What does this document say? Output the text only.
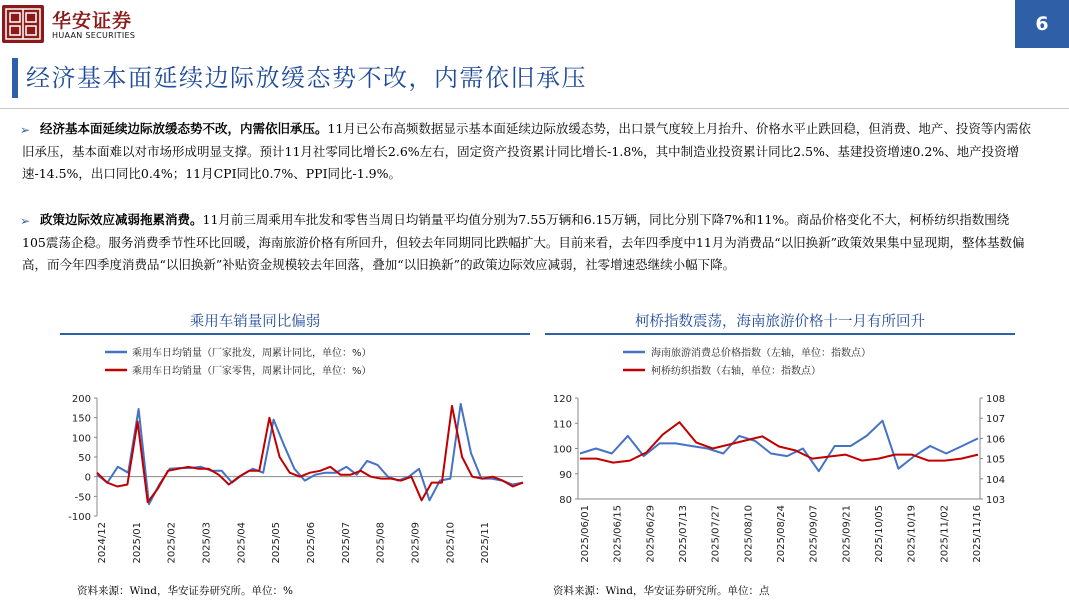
华安证券
HUAAN SECURITIES
6
经济基本面延续边际放缓态势不改，内需依旧承压
➢ 经济基本面延续边际放缓态势不改，内需依旧承压。11月已公布高频数据显示基本面延续边际放缓态势，出口景气度较上月抬升、价格水平止跌回稳，但消费、地产、投资等内需依旧承压，基本面难以对市场形成明显支撑。预计11月社零同比增长2.6%左右，固定资产投资累计同比增长-1.8%，其中制造业投资累计同比2.5%、基建投资增速0.2%、地产投资增速-14.5%，出口同比0.4%；11月CPI同比0.7%、PPI同比-1.9%。
➢ 政策边际效应减弱拖累消费。11月前三周乘用车批发和零售当周日均销量平均值分别为7.55万辆和6.15万辆，同比分别下降7%和11%。商品价格变化不大，柯桥纺织指数围绕105震荡企稳。服务消费季节性环比回暖，海南旅游价格有所回升，但较去年同期同比跌幅扩大。目前来看，去年四季度中11月为消费品“以旧换新”政策效果集中显现期，整体基数偏高，而今年四季度消费品“以旧换新”补贴资金规模较去年回落，叠加“以旧换新”的政策边际效应减弱，社零增速恐继续小幅下降。
乘用车销量同比偏弱
乘用车日均销量（厂家批发，周累计同比，单位：%）
乘用车日均销量（厂家零售，周累计同比，单位：%）
200
150
100
50
0
-50
-100
2024/12 2025/01 2025/02 2025/03 2025/04 2025/05 2025/06 2025/07 2025/08 2025/09 2025/10 2025/11
资料来源：Wind，华安证券研究所。单位：%
柯桥指数震荡，海南旅游价格十一月有所回升
海南旅游消费总价格指数（左轴，单位：指数点）
柯桥纺织指数（右轴，单位：指数点）
120
110
100
90
80
108
107
106
105
104
103
2025/06/01 2025/06/15 2025/06/29 2025/07/13 2025/07/27 2025/08/10 2025/08/24 2025/09/07 2025/09/21 2025/10/05 2025/10/19 2025/11/02 2025/11/16
资料来源：Wind，华安证券研究所。单位：点
